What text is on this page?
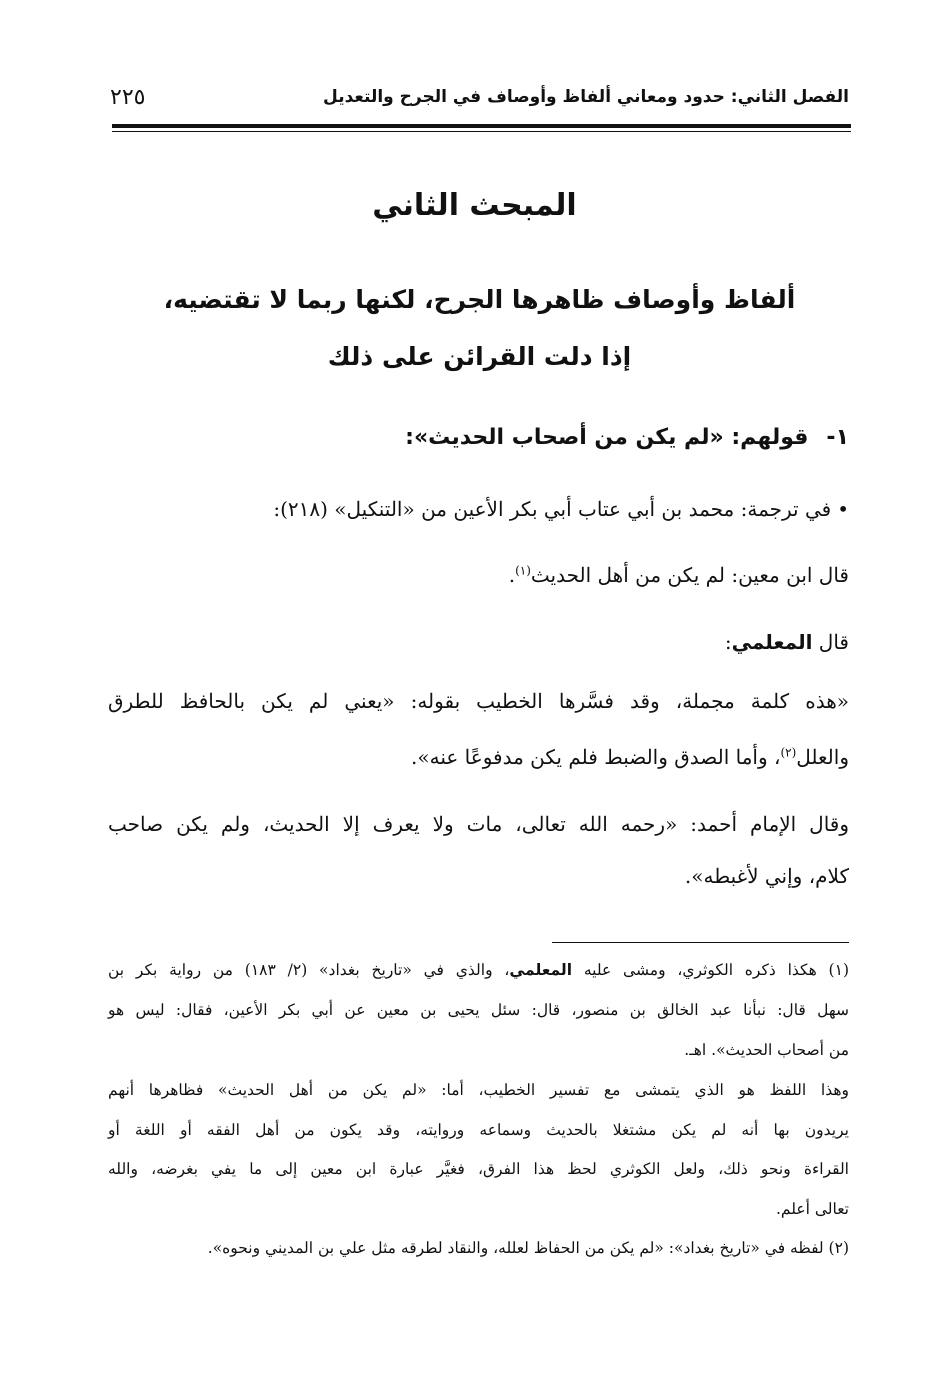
الفصل الثاني: حدود ومعاني ألفاظ وأوصاف في الجرح والتعديل
٢٢٥
المبحث الثاني
ألفاظ وأوصاف ظاهرها الجرح، لكنها ربما لا تقتضيه،
إذا دلت القرائن على ذلك
١-قولهم: «لم يكن من أصحاب الحديث»:
•في ترجمة: محمد بن أبي عتاب أبي بكر الأعين من «التنكيل» (٢١٨):
قال ابن معين: لم يكن من أهل الحديث$^{(١)}$.
قال المعلمي:
«هذه كلمة مجملة، وقد فسَّرها الخطيب بقوله: «يعني لم يكن بالحافظ للطرق
والعلل$^{(٢)}$، وأما الصدق والضبط فلم يكن مدفوعًا عنه».
وقال الإمام أحمد: «رحمه الله تعالى، مات ولا يعرف إلا الحديث، ولم يكن صاحب
كلام، وإني لأغبطه».
(١) هكذا ذكره الكوثري، ومشى عليه المعلمي، والذي في «تاريخ بغداد» (٢/ ١٨٣) من رواية بكر بن
سهل قال: نبأنا عبد الخالق بن منصور، قال: سئل يحيى بن معين عن أبي بكر الأعين، فقال: ليس هو
من أصحاب الحديث». اهـ.
وهذا اللفظ هو الذي يتمشى مع تفسير الخطيب، أما: «لم يكن من أهل الحديث» فظاهرها أنهم
يريدون بها أنه لم يكن مشتغلا بالحديث وسماعه وروايته، وقد يكون من أهل الفقه أو اللغة أو
القراءة ونحو ذلك، ولعل الكوثري لحظ هذا الفرق، فغيَّر عبارة ابن معين إلى ما يفي بغرضه، والله
تعالى أعلم.
(٢) لفظه في «تاريخ بغداد»: «لم يكن من الحفاظ لعلله، والنقاد لطرقه مثل علي بن المديني ونحوه».
